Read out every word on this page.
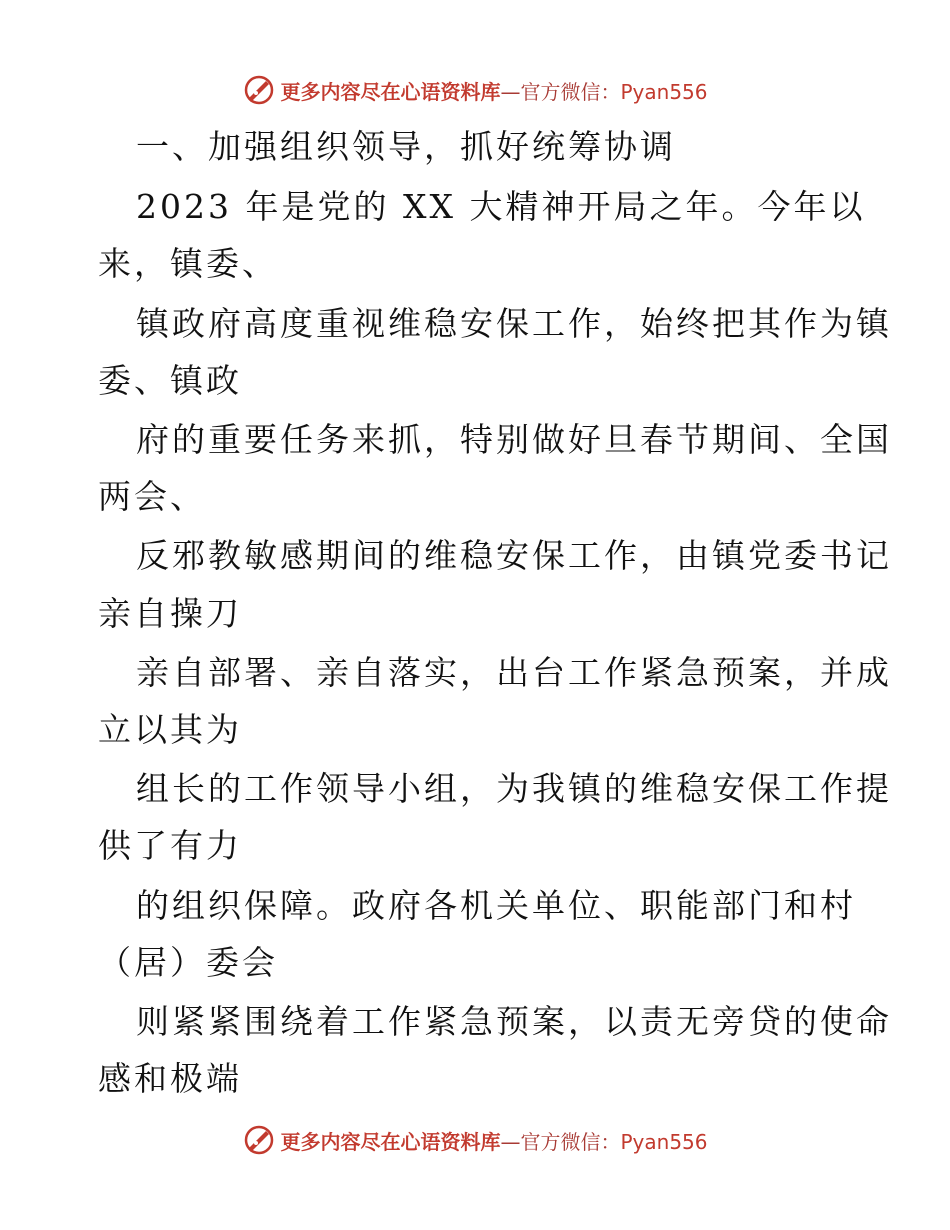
更多内容尽在心语资料库—官方微信：Pyan556
一、加强组织领导，抓好统筹协调
2023 年是党的 XX 大精神开局之年。今年以
来，镇委、
镇政府高度重视维稳安保工作，始终把其作为镇
委、镇政
府的重要任务来抓，特别做好旦春节期间、全国
两会、
反邪教敏感期间的维稳安保工作，由镇党委书记
亲自操刀
亲自部署、亲自落实，出台工作紧急预案，并成
立以其为
组长的工作领导小组，为我镇的维稳安保工作提
供了有力
的组织保障。政府各机关单位、职能部门和村
（居）委会
则紧紧围绕着工作紧急预案，以责无旁贷的使命
感和极端
更多内容尽在心语资料库—官方微信：Pyan556
